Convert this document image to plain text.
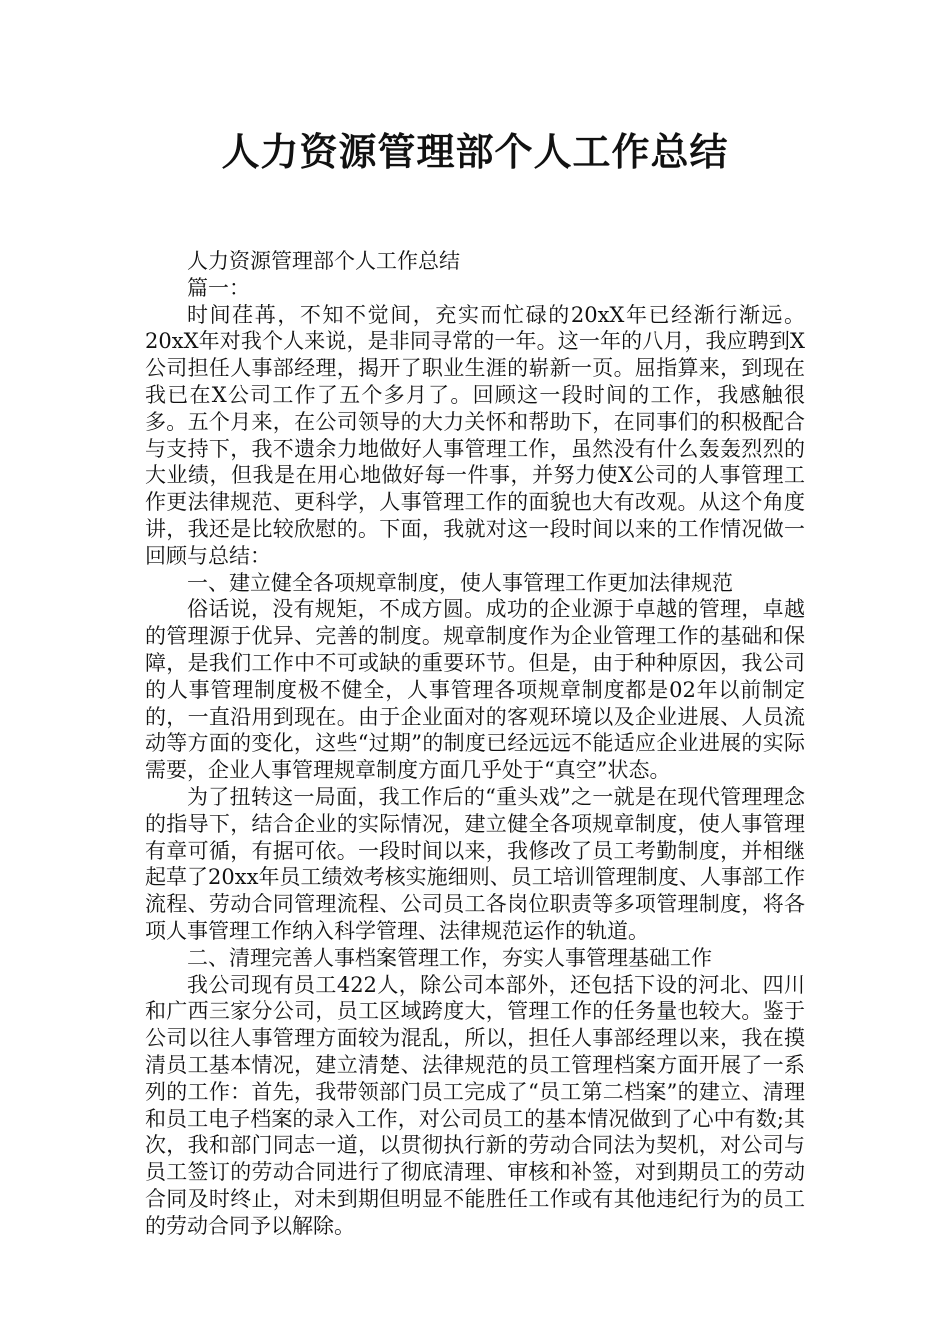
人力资源管理部个人工作总结

人力资源管理部个人工作总结

篇一：

时间荏苒，不知不觉间，充实而忙碌的20xX年已经渐行渐远。20xX年对我个人来说，是非同寻常的一年。这一年的八月，我应聘到X公司担任人事部经理，揭开了职业生涯的崭新一页。屈指算来，到现在我已在X公司工作了五个多月了。回顾这一段时间的工作，我感触很多。五个月来，在公司领导的大力关怀和帮助下，在同事们的积极配合与支持下，我不遗余力地做好人事管理工作，虽然没有什么轰轰烈烈的大业绩，但我是在用心地做好每一件事，并努力使X公司的人事管理工作更法律规范、更科学，人事管理工作的面貌也大有改观。从这个角度讲，我还是比较欣慰的。下面，我就对这一段时间以来的工作情况做一回顾与总结：

一、建立健全各项规章制度，使人事管理工作更加法律规范

俗话说，没有规矩，不成方圆。成功的企业源于卓越的管理，卓越的管理源于优异、完善的制度。规章制度作为企业管理工作的基础和保障，是我们工作中不可或缺的重要环节。但是，由于种种原因，我公司的人事管理制度极不健全，人事管理各项规章制度都是02年以前制定的，一直沿用到现在。由于企业面对的客观环境以及企业进展、人员流动等方面的变化，这些“过期”的制度已经远远不能适应企业进展的实际需要，企业人事管理规章制度方面几乎处于“真空”状态。

为了扭转这一局面，我工作后的“重头戏”之一就是在现代管理理念的指导下，结合企业的实际情况，建立健全各项规章制度，使人事管理有章可循，有据可依。一段时间以来，我修改了员工考勤制度，并相继起草了20xx年员工绩效考核实施细则、员工培训管理制度、人事部工作流程、劳动合同管理流程、公司员工各岗位职责等多项管理制度，将各项人事管理工作纳入科学管理、法律规范运作的轨道。

二、清理完善人事档案管理工作，夯实人事管理基础工作

我公司现有员工422人，除公司本部外，还包括下设的河北、四川和广西三家分公司，员工区域跨度大，管理工作的任务量也较大。鉴于公司以往人事管理方面较为混乱，所以，担任人事部经理以来，我在摸清员工基本情况，建立清楚、法律规范的员工管理档案方面开展了一系列的工作：首先，我带领部门员工完成了“员工第二档案”的建立、清理和员工电子档案的录入工作，对公司员工的基本情况做到了心中有数;其次，我和部门同志一道，以贯彻执行新的劳动合同法为契机，对公司与员工签订的劳动合同进行了彻底清理、审核和补签，对到期员工的劳动合同及时终止，对未到期但明显不能胜任工作或有其他违纪行为的员工的劳动合同予以解除。
